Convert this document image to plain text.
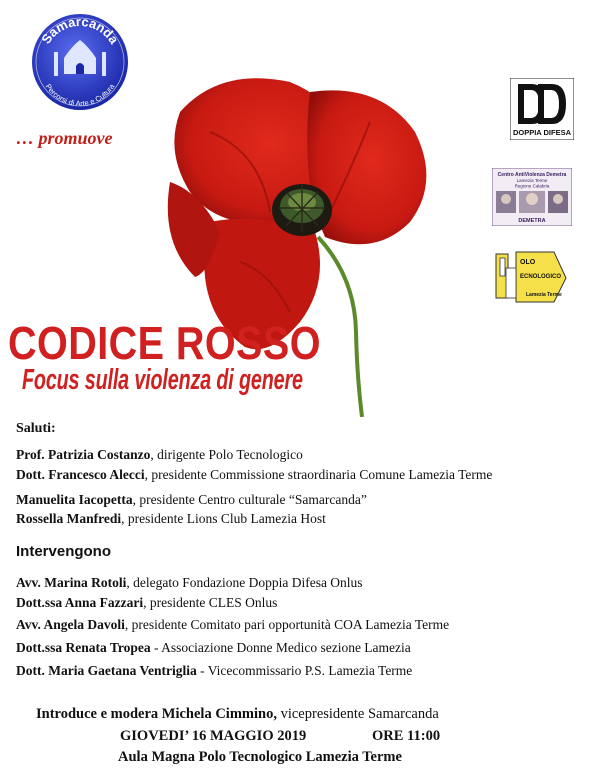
Samarcanda
Percorsi di Arte e Cultura
… promuove	DOPPIA DIFESA
Centro AntiViolenza Demetra
Lamezia Terme
Regione Calabria
DEMETRA
OLO
ECNOLOGICO
Lamezia Terme
CODICE ROSSO
Focus sulla violenza di genere
Saluti:
Prof. Patrizia Costanzo, dirigente Polo Tecnologico
Dott. Francesco Alecci, presidente Commissione straordinaria Comune Lamezia Terme
Manuelita Iacopetta, presidente Centro culturale “Samarcanda”
Rossella Manfredi, presidente Lions Club Lamezia Host
Intervengono
Avv. Marina Rotoli, delegato Fondazione Doppia Difesa Onlus
Dott.ssa Anna Fazzari, presidente CLES Onlus
Avv. Angela Davoli, presidente Comitato pari opportunità COA Lamezia Terme
Dott.ssa Renata Tropea - Associazione Donne Medico sezione Lamezia
Dott. Maria Gaetana Ventriglia - Vicecommissario P.S. Lamezia Terme
Introduce e modera Michela Cimmino, vicepresidente Samarcanda
GIOVEDI’ 16 MAGGIO 2019	ORE 11:00
Aula Magna Polo Tecnologico Lamezia Terme
